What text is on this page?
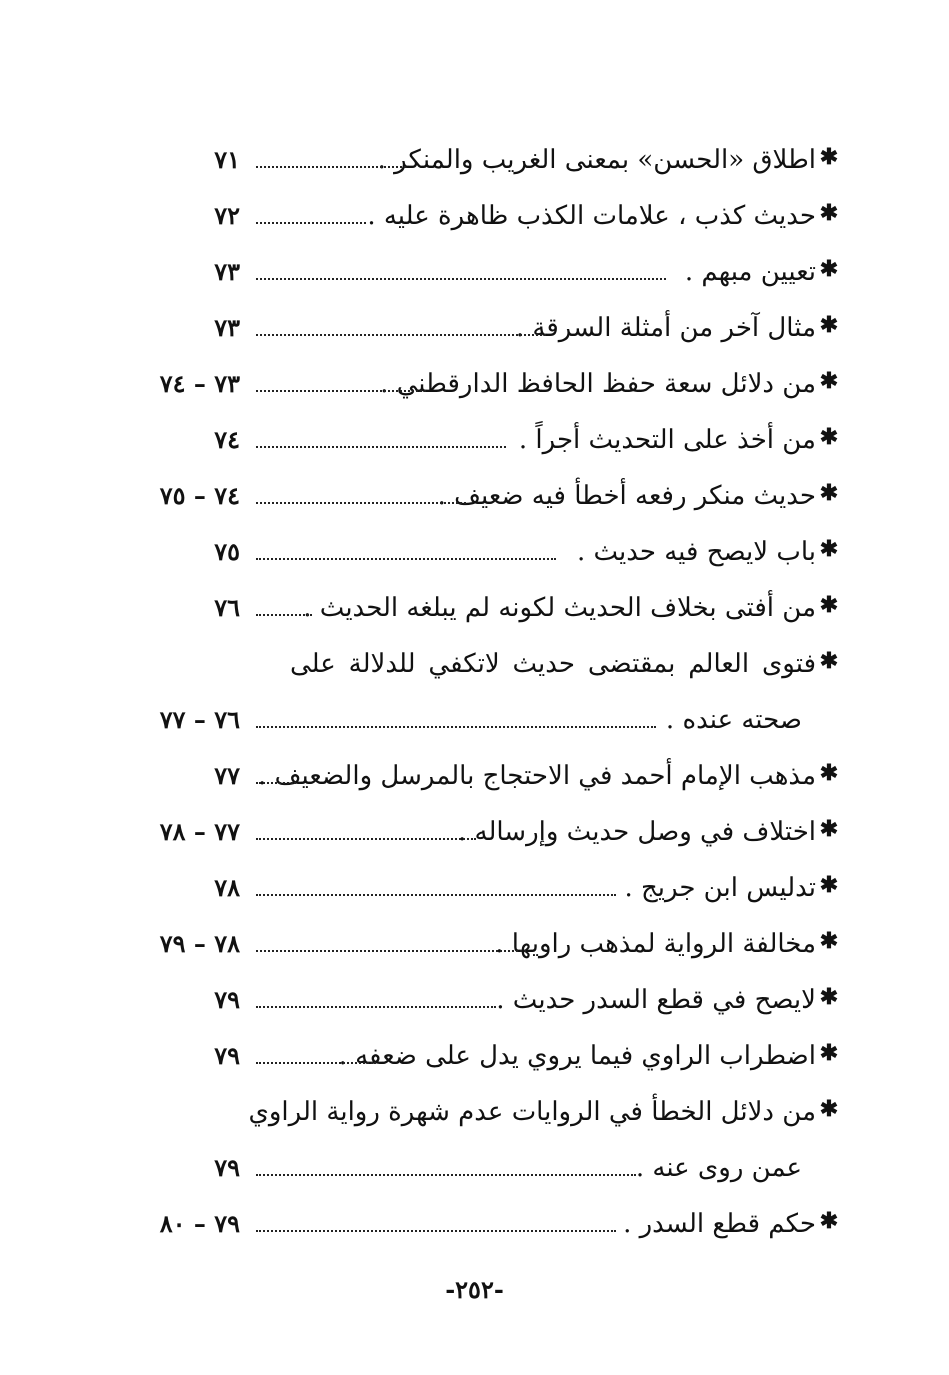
✱
اطلاق «الحسن» بمعنى الغريب والمنكر .
٧١
✱
حديث كذب ، علامات الكذب ظاهرة عليه .
٧٢
✱
تعيين مبهم .
٧٣
✱
مثال آخر من أمثلة السرقة .
٧٣
✱
من دلائل سعة حفظ الحافظ الدارقطني .
٧٣ – ٧٤
✱
من أخذ على التحديث أجراً .
٧٤
✱
حديث منكر رفعه أخطأ فيه ضعيف .
٧٤ – ٧٥
✱
باب لايصح فيه حديث .
٧٥
✱
من أفتى بخلاف الحديث لكونه لم يبلغه الحديث .
٧٦
✱
فتوى العالم بمقتضى حديث لاتكفي للدلالة على
صحته عنده .
٧٦ – ٧٧
✱
مذهب الإمام أحمد في الاحتجاج بالمرسل والضعيف .
٧٧
✱
اختلاف في وصل حديث وإرساله .
٧٧ – ٧٨
✱
تدليس ابن جريج .
٧٨
✱
مخالفة الرواية لمذهب راويها .
٧٨ – ٧٩
✱
لايصح في قطع السدر حديث .
٧٩
✱
اضطراب الراوي فيما يروي يدل على ضعفه .
٧٩
✱
من دلائل الخطأ في الروايات عدم شهرة رواية الراوي
عمن روى عنه .
٧٩
✱
حكم قطع السدر .
٧٩ – ٨٠
-٢٥٢-
